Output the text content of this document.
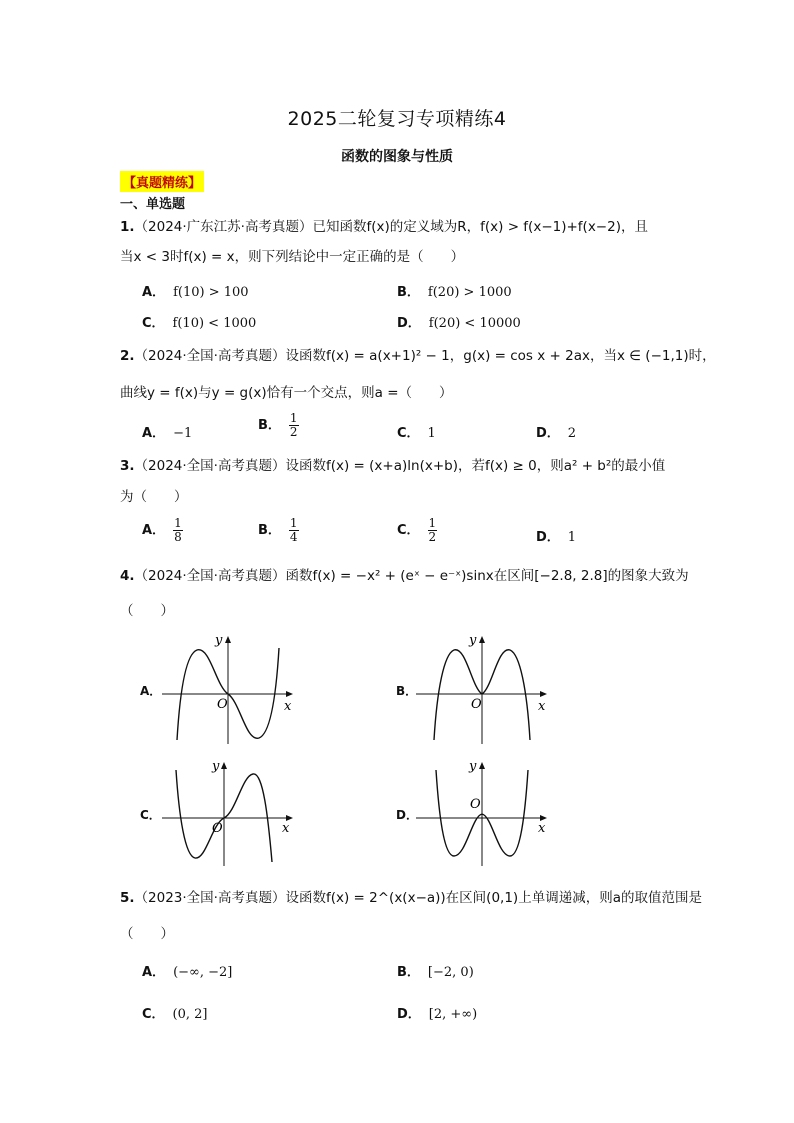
2025二轮复习专项精练4
函数的图象与性质
【真题精练】
一、单选题
1.（2024·广东江苏·高考真题）已知函数f(x)的定义域为R，f(x) > f(x−1)+f(x−2)，且
当x < 3时f(x) = x，则下列结论中一定正确的是（　　）
A． f(10) > 100	B． f(20) > 1000
C． f(10) < 1000	D． f(20) < 10000
2.（2024·全国·高考真题）设函数f(x) = a(x+1)² − 1，g(x) = cos x + 2ax，当x ∈ (−1,1)时，
曲线y = f(x)与y = g(x)恰有一个交点，则a =（　　）
A． −1
B． $\frac{1}{2}$	C． 1	D． 2
3.（2024·全国·高考真题）设函数f(x) = (x+a)ln(x+b)，若f(x) ≥ 0，则a² + b²的最小值
为（　　）
A． $\frac{1}{8}$	B． $\frac{1}{4}$	C． $\frac{1}{2}$	D． 1
4.（2024·全国·高考真题）函数f(x) = −x² + (eˣ − e⁻ˣ)sinx在区间[−2.8, 2.8]的图象大致为
（　　）
A．	B．
C．	D．
O	x
y
O	x
y
O	x
y
O
x
y
5.（2023·全国·高考真题）设函数f(x) = 2^(x(x−a))在区间(0,1)上单调递减，则a的取值范围是
（　　）
A． (−∞, −2]	B． [−2, 0)
C． (0, 2]	D． [2, +∞)
